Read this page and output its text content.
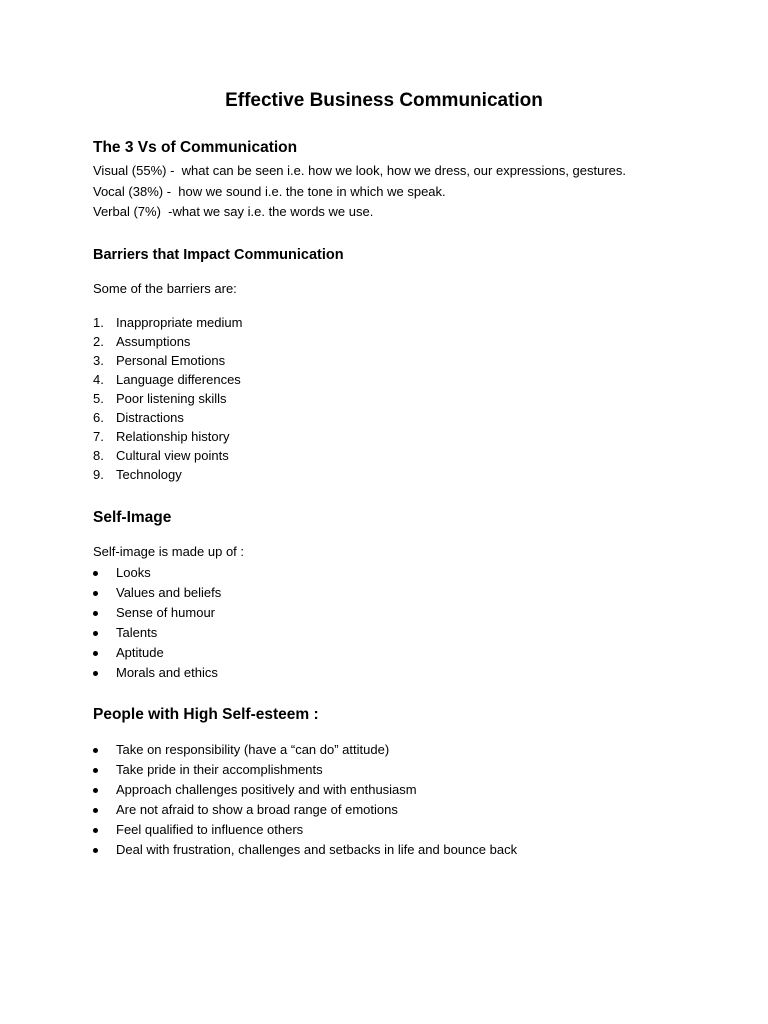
Effective Business Communication
The 3 Vs of Communication
Visual (55%) -  what can be seen i.e. how we look, how we dress, our expressions, gestures.
Vocal (38%) -  how we sound i.e. the tone in which we speak.
Verbal (7%)  -what we say i.e. the words we use.
Barriers that Impact Communication
Some of the barriers are:
1. Inappropriate medium
2. Assumptions
3. Personal Emotions
4. Language differences
5. Poor listening skills
6. Distractions
7. Relationship history
8. Cultural view points
9. Technology
Self-Image
Self-image is made up of :
Looks
Values and beliefs
Sense of humour
Talents
Aptitude
Morals and ethics
People with High Self-esteem :
Take on responsibility (have a “can do” attitude)
Take pride in their accomplishments
Approach challenges positively and with enthusiasm
Are not afraid to show a broad range of emotions
Feel qualified to influence others
Deal with frustration, challenges and setbacks in life and bounce back
